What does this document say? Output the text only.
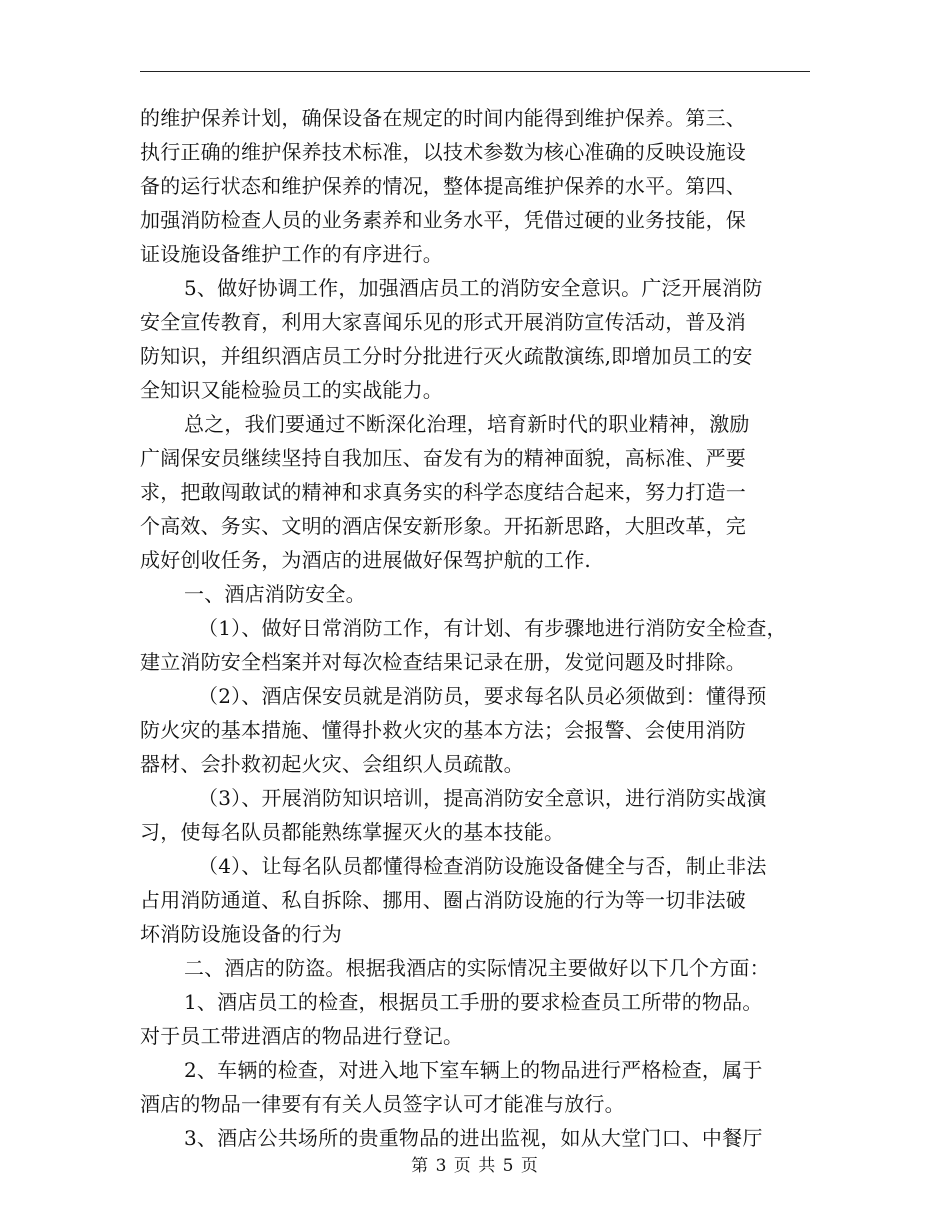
的维护保养计划，确保设备在规定的时间内能得到维护保养。第三、
执行正确的维护保养技术标准，以技术参数为核心准确的反映设施设
备的运行状态和维护保养的情况，整体提高维护保养的水平。第四、
加强消防检查人员的业务素养和业务水平，凭借过硬的业务技能，保
证设施设备维护工作的有序进行。
5、做好协调工作，加强酒店员工的消防安全意识。广泛开展消防
安全宣传教育，利用大家喜闻乐见的形式开展消防宣传活动，普及消
防知识，并组织酒店员工分时分批进行灭火疏散演练,即增加员工的安
全知识又能检验员工的实战能力。
总之，我们要通过不断深化治理，培育新时代的职业精神，激励
广阔保安员继续坚持自我加压、奋发有为的精神面貌，高标准、严要
求，把敢闯敢试的精神和求真务实的科学态度结合起来，努力打造一
个高效、务实、文明的酒店保安新形象。开拓新思路，大胆改革，完
成好创收任务，为酒店的进展做好保驾护航的工作.
一、酒店消防安全。
（1）、做好日常消防工作，有计划、有步骤地进行消防安全检查，
建立消防安全档案并对每次检查结果记录在册，发觉问题及时排除。
（2）、酒店保安员就是消防员，要求每名队员必须做到：懂得预
防火灾的基本措施、懂得扑救火灾的基本方法；会报警、会使用消防
器材、会扑救初起火灾、会组织人员疏散。
（3）、开展消防知识培训，提高消防安全意识，进行消防实战演
习，使每名队员都能熟练掌握灭火的基本技能。
（4）、让每名队员都懂得检查消防设施设备健全与否，制止非法
占用消防通道、私自拆除、挪用、圈占消防设施的行为等一切非法破
坏消防设施设备的行为
二、酒店的防盗。根据我酒店的实际情况主要做好以下几个方面：
1、酒店员工的检查，根据员工手册的要求检查员工所带的物品。
对于员工带进酒店的物品进行登记。
2、车辆的检查，对进入地下室车辆上的物品进行严格检查，属于
酒店的物品一律要有有关人员签字认可才能准与放行。
3、酒店公共场所的贵重物品的进出监视，如从大堂门口、中餐厅
第 3 页 共 5 页
